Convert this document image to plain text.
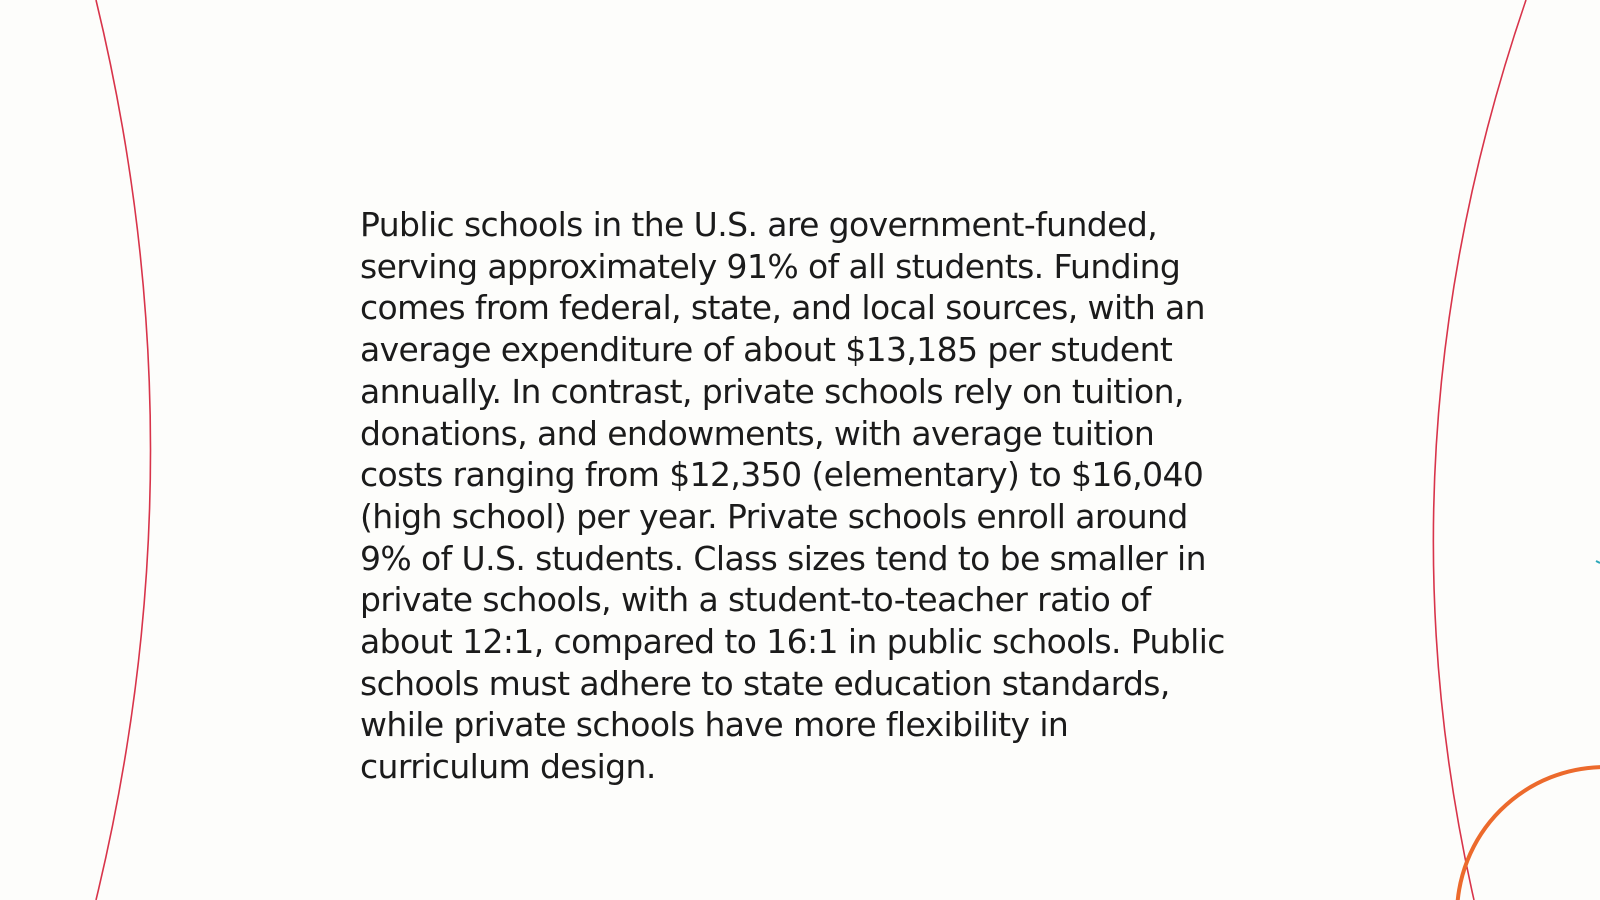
Public schools in the U.S. are government-funded,
serving approximately 91% of all students. Funding
comes from federal, state, and local sources, with an
average expenditure of about $13,185 per student
annually. In contrast, private schools rely on tuition,
donations, and endowments, with average tuition
costs ranging from $12,350 (elementary) to $16,040
(high school) per year. Private schools enroll around
9% of U.S. students. Class sizes tend to be smaller in
private schools, with a student-to-teacher ratio of
about 12:1, compared to 16:1 in public schools. Public
schools must adhere to state education standards,
while private schools have more flexibility in
curriculum design.
